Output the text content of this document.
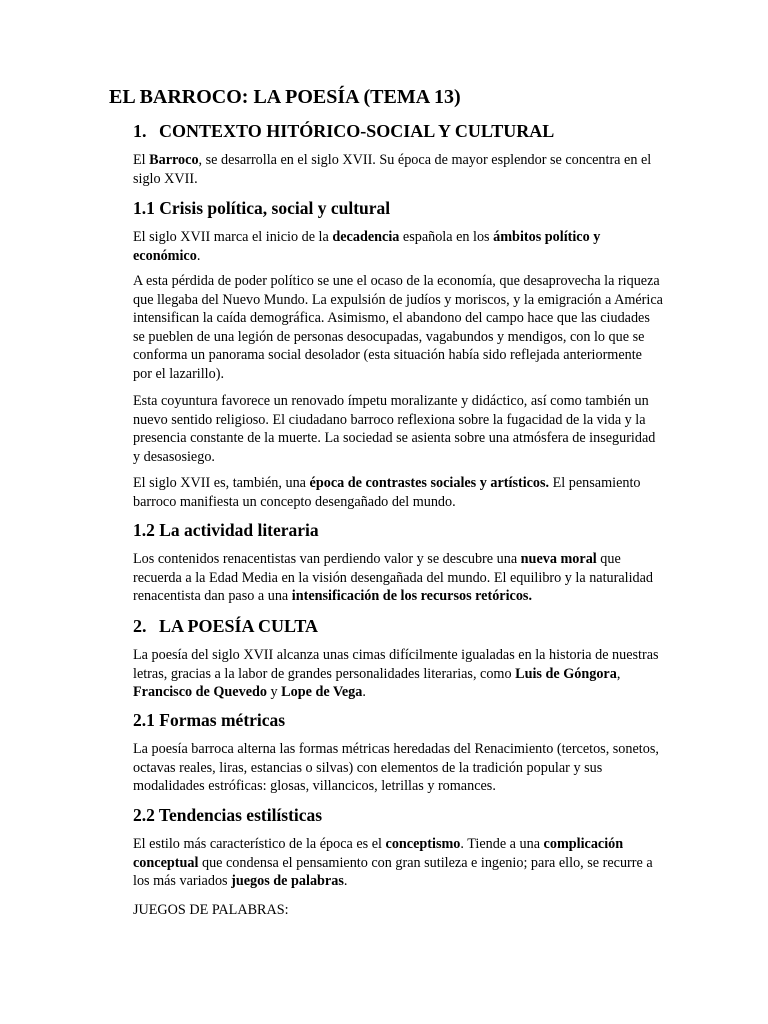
EL BARROCO: LA POESÍA (TEMA 13)
1. CONTEXTO HITÓRICO-SOCIAL Y CULTURAL

El Barroco, se desarrolla en el siglo XVII. Su época de mayor esplendor se concentra en el siglo XVII.

1.1 Crisis política, social y cultural

El siglo XVII marca el inicio de la decadencia española en los ámbitos político y económico.

A esta pérdida de poder político se une el ocaso de la economía, que desaprovecha la riqueza que llegaba del Nuevo Mundo. La expulsión de judíos y moriscos, y la emigración a América intensifican la caída demográfica. Asimismo, el abandono del campo hace que las ciudades se pueblen de una legión de personas desocupadas, vagabundos y mendigos, con lo que se conforma un panorama social desolador (esta situación había sido reflejada anteriormente por el lazarillo).

Esta coyuntura favorece un renovado ímpetu moralizante y didáctico, así como también un nuevo sentido religioso. El ciudadano barroco reflexiona sobre la fugacidad de la vida y la presencia constante de la muerte. La sociedad se asienta sobre una atmósfera de inseguridad y desasosiego.

El siglo XVII es, también, una época de contrastes sociales y artísticos. El pensamiento barroco manifiesta un concepto desengañado del mundo.

1.2 La actividad literaria

Los contenidos renacentistas van perdiendo valor y se descubre una nueva moral que recuerda a la Edad Media en la visión desengañada del mundo. El equilibro y la naturalidad renacentista dan paso a una intensificación de los recursos retóricos.

2. LA POESÍA CULTA

La poesía del siglo XVII alcanza unas cimas difícilmente igualadas en la historia de nuestras letras, gracias a la labor de grandes personalidades literarias, como Luis de Góngora, Francisco de Quevedo y Lope de Vega.

2.1 Formas métricas

La poesía barroca alterna las formas métricas heredadas del Renacimiento (tercetos, sonetos, octavas reales, liras, estancias o silvas) con elementos de la tradición popular y sus modalidades estróficas: glosas, villancicos, letrillas y romances.

2.2 Tendencias estilísticas

El estilo más característico de la época es el conceptismo. Tiende a una complicación conceptual que condensa el pensamiento con gran sutileza e ingenio; para ello, se recurre a los más variados juegos de palabras.

JUEGOS DE PALABRAS:
